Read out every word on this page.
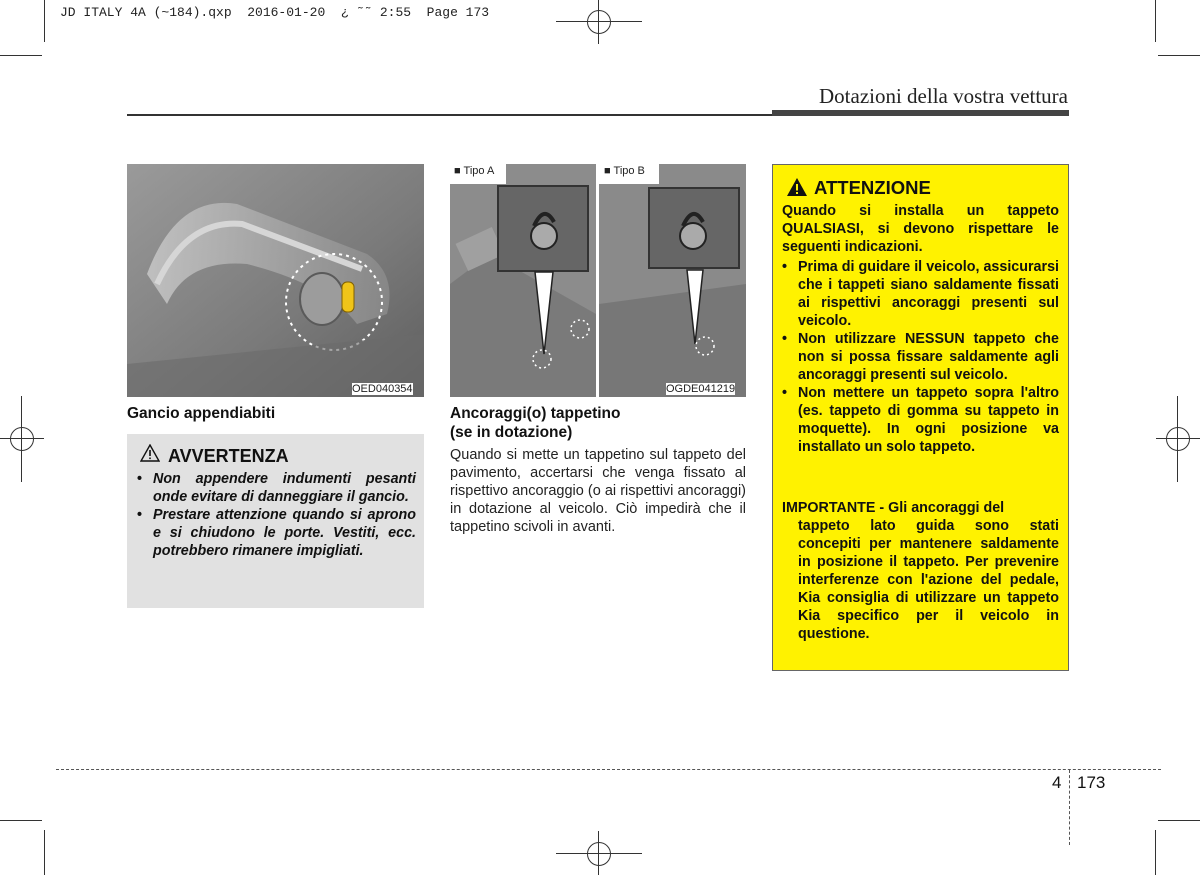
JD ITALY 4A (~184).qxp  2016-01-20  ¿ ˜˜ 2:55  Page 173
Dotazioni della vostra vettura
OED040354
Gancio appendiabiti
AVVERTENZA
• Non appendere indumenti pesanti onde evitare di danneggiare il gancio.
• Prestare attenzione quando si aprono e si chiudono le porte. Vestiti, ecc. potrebbero rimanere impigliati.
■ Tipo A	■ Tipo B
OGDE041219
Ancoraggi(o) tappetino
(se in dotazione)
Quando si mette un tappetino sul tappeto del pavimento, accertarsi che venga fissato al rispettivo ancoraggio (o ai rispettivi ancoraggi) in dotazione al veicolo. Ciò impedirà che il tappetino scivoli in avanti.
ATTENZIONE
Quando si installa un tappeto QUALSIASI, si devono rispettare le seguenti indicazioni.
• Prima di guidare il veicolo, assicurarsi che i tappeti siano saldamente fissati ai rispettivi ancoraggi presenti sul veicolo.
• Non utilizzare NESSUN tappeto che non si possa fissare saldamente agli ancoraggi presenti sul veicolo.
• Non mettere un tappeto sopra l'altro (es. tappeto di gomma su tappeto in moquette). In ogni posizione va installato un solo tappeto.
IMPORTANTE - Gli ancoraggi del
tappeto lato guida sono stati concepiti per mantenere saldamente in posizione il tappeto. Per prevenire interferenze con l'azione del pedale, Kia consiglia di utilizzare un tappeto Kia specifico per il veicolo in questione.
4 173
